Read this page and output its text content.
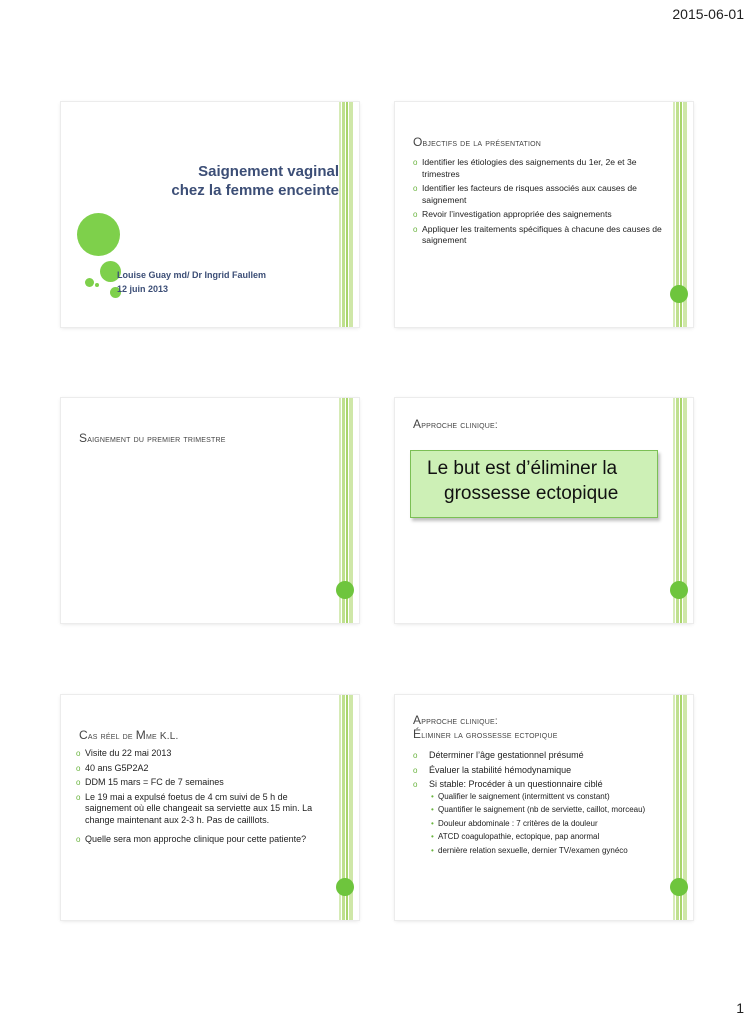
2015-06-01
Saignement vaginal
chez la femme enceinte
Louise Guay md/ Dr Ingrid Faullem
12 juin 2013
Objectifs de la présentation
o Identifier les étiologies des saignements du 1er, 2e et 3e trimestres
o Identifier les facteurs de risques associés aux causes de saignement
o Revoir l’investigation appropriée des saignements
o Appliquer les traitements spécifiques à chacune des causes de saignement
Saignement du premier trimestre
Approche clinique:
Le but est d’éliminer la
grossesse ectopique
Cas réel de Mme K.L.
o Visite du 22 mai 2013
o 40 ans G5P2A2
o DDM 15 mars = FC de 7 semaines
o Le 19 mai a expulsé foetus de 4 cm suivi de 5 h de saignement où elle changeait sa serviette aux 15 min. La change maintenant aux 2-3 h. Pas de cailllots.
o Quelle sera mon approche clinique pour cette patiente?
Approche clinique:
Éliminer la grossesse ectopique
o Déterminer l’âge gestationnel présumé
o Évaluer la stabilité hémodynamique
o Si stable: Procéder à un questionnaire ciblé
• Qualifier le saignement (intermittent vs constant)
• Quantifier le saignement (nb de serviette, caillot, morceau)
• Douleur abdominale : 7 critères de la douleur
• ATCD coagulopathie, ectopique, pap anormal
• dernière relation sexuelle, dernier TV/examen gynéco
1
